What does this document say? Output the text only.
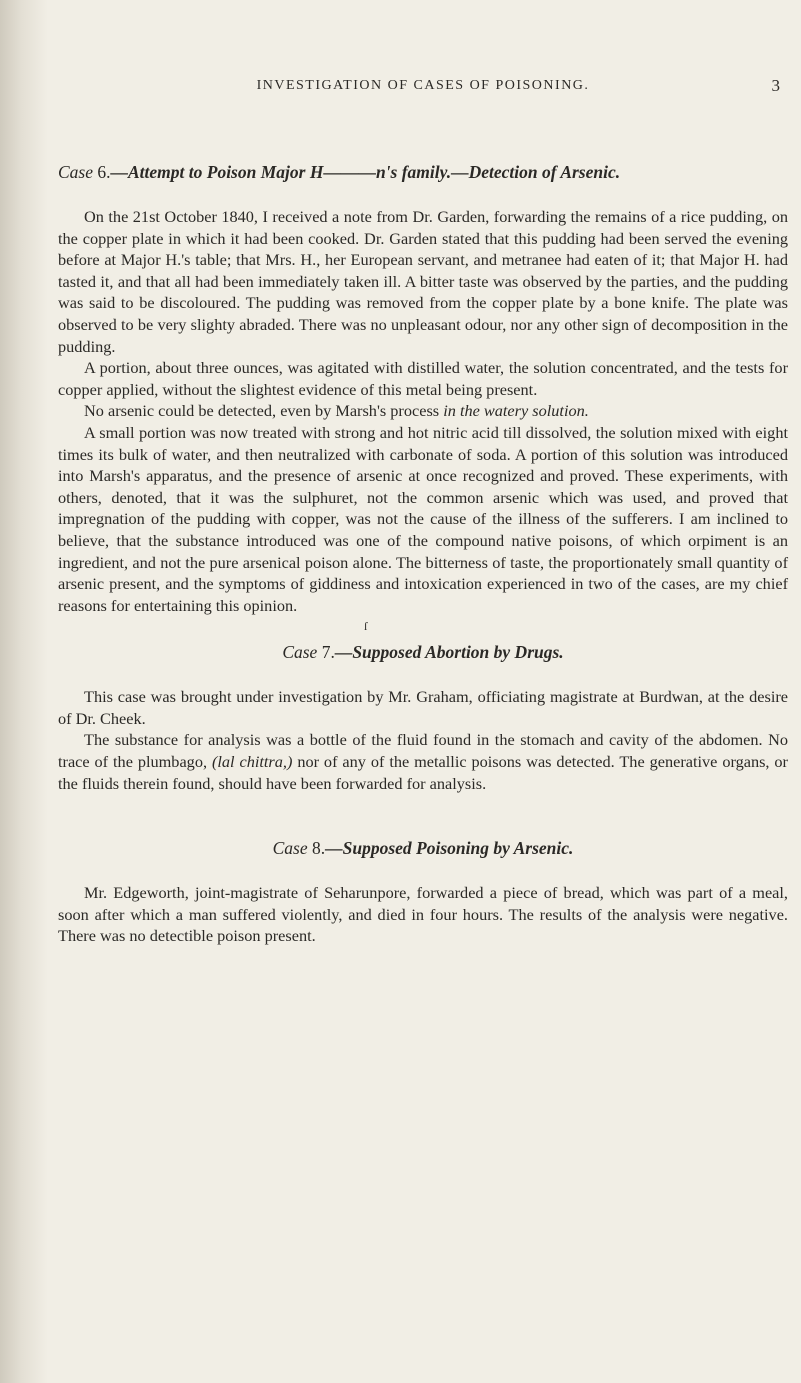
INVESTIGATION OF CASES OF POISONING.	3
Case 6.—Attempt to Poison Major H———n's family.—Detection of Arsenic.

On the 21st October 1840, I received a note from Dr. Garden, forwarding the remains of a rice pudding, on the copper plate in which it had been cooked. Dr. Garden stated that this pudding had been served the evening before at Major H.'s table; that Mrs. H., her European servant, and metranee had eaten of it; that Major H. had tasted it, and that all had been immediately taken ill. A bitter taste was observed by the parties, and the pudding was said to be discoloured. The pudding was removed from the copper plate by a bone knife. The plate was observed to be very slighty abraded. There was no unpleasant odour, nor any other sign of decomposition in the pudding.

A portion, about three ounces, was agitated with distilled water, the solution concentrated, and the tests for copper applied, without the slightest evidence of this metal being present.

No arsenic could be detected, even by Marsh's process in the watery solution.

A small portion was now treated with strong and hot nitric acid till dissolved, the solution mixed with eight times its bulk of water, and then neutralized with carbonate of soda. A portion of this solution was introduced into Marsh's apparatus, and the presence of arsenic at once recognized and proved. These experiments, with others, denoted, that it was the sulphuret, not the common arsenic which was used, and proved that impregnation of the pudding with copper, was not the cause of the illness of the sufferers. I am inclined to believe, that the substance introduced was one of the compound native poisons, of which orpiment is an ingredient, and not the pure arsenical poison alone. The bitterness of taste, the proportionately small quantity of arsenic present, and the symptoms of giddiness and intoxication experienced in two of the cases, are my chief reasons for entertaining this opinion.

ſ
Case 7.—Supposed Abortion by Drugs.

This case was brought under investigation by Mr. Graham, officiating magistrate at Burdwan, at the desire of Dr. Cheek.

The substance for analysis was a bottle of the fluid found in the stomach and cavity of the abdomen. No trace of the plumbago, (lal chittra,) nor of any of the metallic poisons was detected. The generative organs, or the fluids therein found, should have been forwarded for analysis.

Case 8.—Supposed Poisoning by Arsenic.

Mr. Edgeworth, joint-magistrate of Seharunpore, forwarded a piece of bread, which was part of a meal, soon after which a man suffered violently, and died in four hours. The results of the analysis were negative. There was no detectible poison present.
